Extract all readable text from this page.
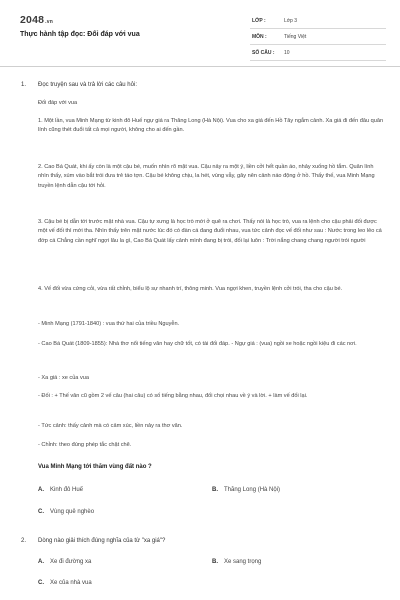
2048.vn
Thực hành tập đọc: Đối đáp với vua
LỚP :	Lớp 3
MÔN :	Tiếng Việt
SỐ CÂU : 10
1. Đọc truyện sau và trả lời các câu hỏi:
Đối đáp với vua
1. Một lần, vua Minh Mạng từ kinh đô Huế ngự giá ra Thăng Long (Hà Nội). Vua cho xa giá đến Hồ Tây ngắm cảnh. Xa giá đi đến đâu quân lính cũng thét đuổi tất cả mọi người, không cho ai đến gần.
2. Cao Bá Quát, khi ấy còn là một cậu bé, muốn nhìn rõ mặt vua. Cậu nảy ra một ý, liền cởi hết quần áo, nhảy xuống hồ tắm. Quân lính nhìn thấy, xúm vào bắt trói đưa trẻ táo tợn. Cậu bé không chịu, la hét, vùng vẫy, gây nên cảnh náo động ở hồ. Thấy thế, vua Minh Mạng truyền lệnh dẫn cậu tới hỏi.
3. Cậu bé bị dẫn tới trước mặt nhà vua. Cậu tự xưng là học trò mới ở quê ra chơi. Thấy nói là học trò, vua ra lệnh cho cậu phải đối được một vế đối thì mới tha. Nhìn thấy trên mặt nước lúc đó có đàn cá đang đuổi nhau, vua tức cảnh đọc vế đối như sau : Nước trong leo lẻo cá đớp cá Chẳng cần nghĩ ngợi lâu la gì, Cao Bá Quát lấy cảnh mình đang bị trói, đối lại luôn : Trời nắng chang chang người trói người
4. Vế đối vừa cứng cỏi, vừa rất chỉnh, biểu lộ sự nhanh trí, thông minh. Vua ngợi khen, truyền lệnh cởi trói, tha cho cậu bé.
- Minh Mạng (1791-1840) : vua thứ hai của triều Nguyễn.
- Cao Bá Quát (1809-1855): Nhà thơ nổi tiếng văn hay chữ tốt, có tài đối đáp. - Ngự giá : (vua) ngồi xe hoặc ngồi kiệu đi các nơi.
- Xa giá : xe của vua
- Đối : + Thế vân cũ gồm 2 vế câu (hai câu) có số tiếng bằng nhau, đối chọi nhau về ý và lời. + làm vế đối lại.
- Tức cảnh: thấy cảnh mà có cảm xúc, liền nảy ra thơ văn.
- Chỉnh: theo đúng phép tắc chặt chẽ.
Vua Minh Mạng tới thăm vùng đất nào ?
A. Kinh đô Huế	B. Thăng Long (Hà Nội)
C. Vùng quê nghèo
2. Dòng nào giải thích đúng nghĩa của từ "xa giá"?
A. Xe đi đường xa	B. Xe sang trọng
C. Xe của nhà vua
